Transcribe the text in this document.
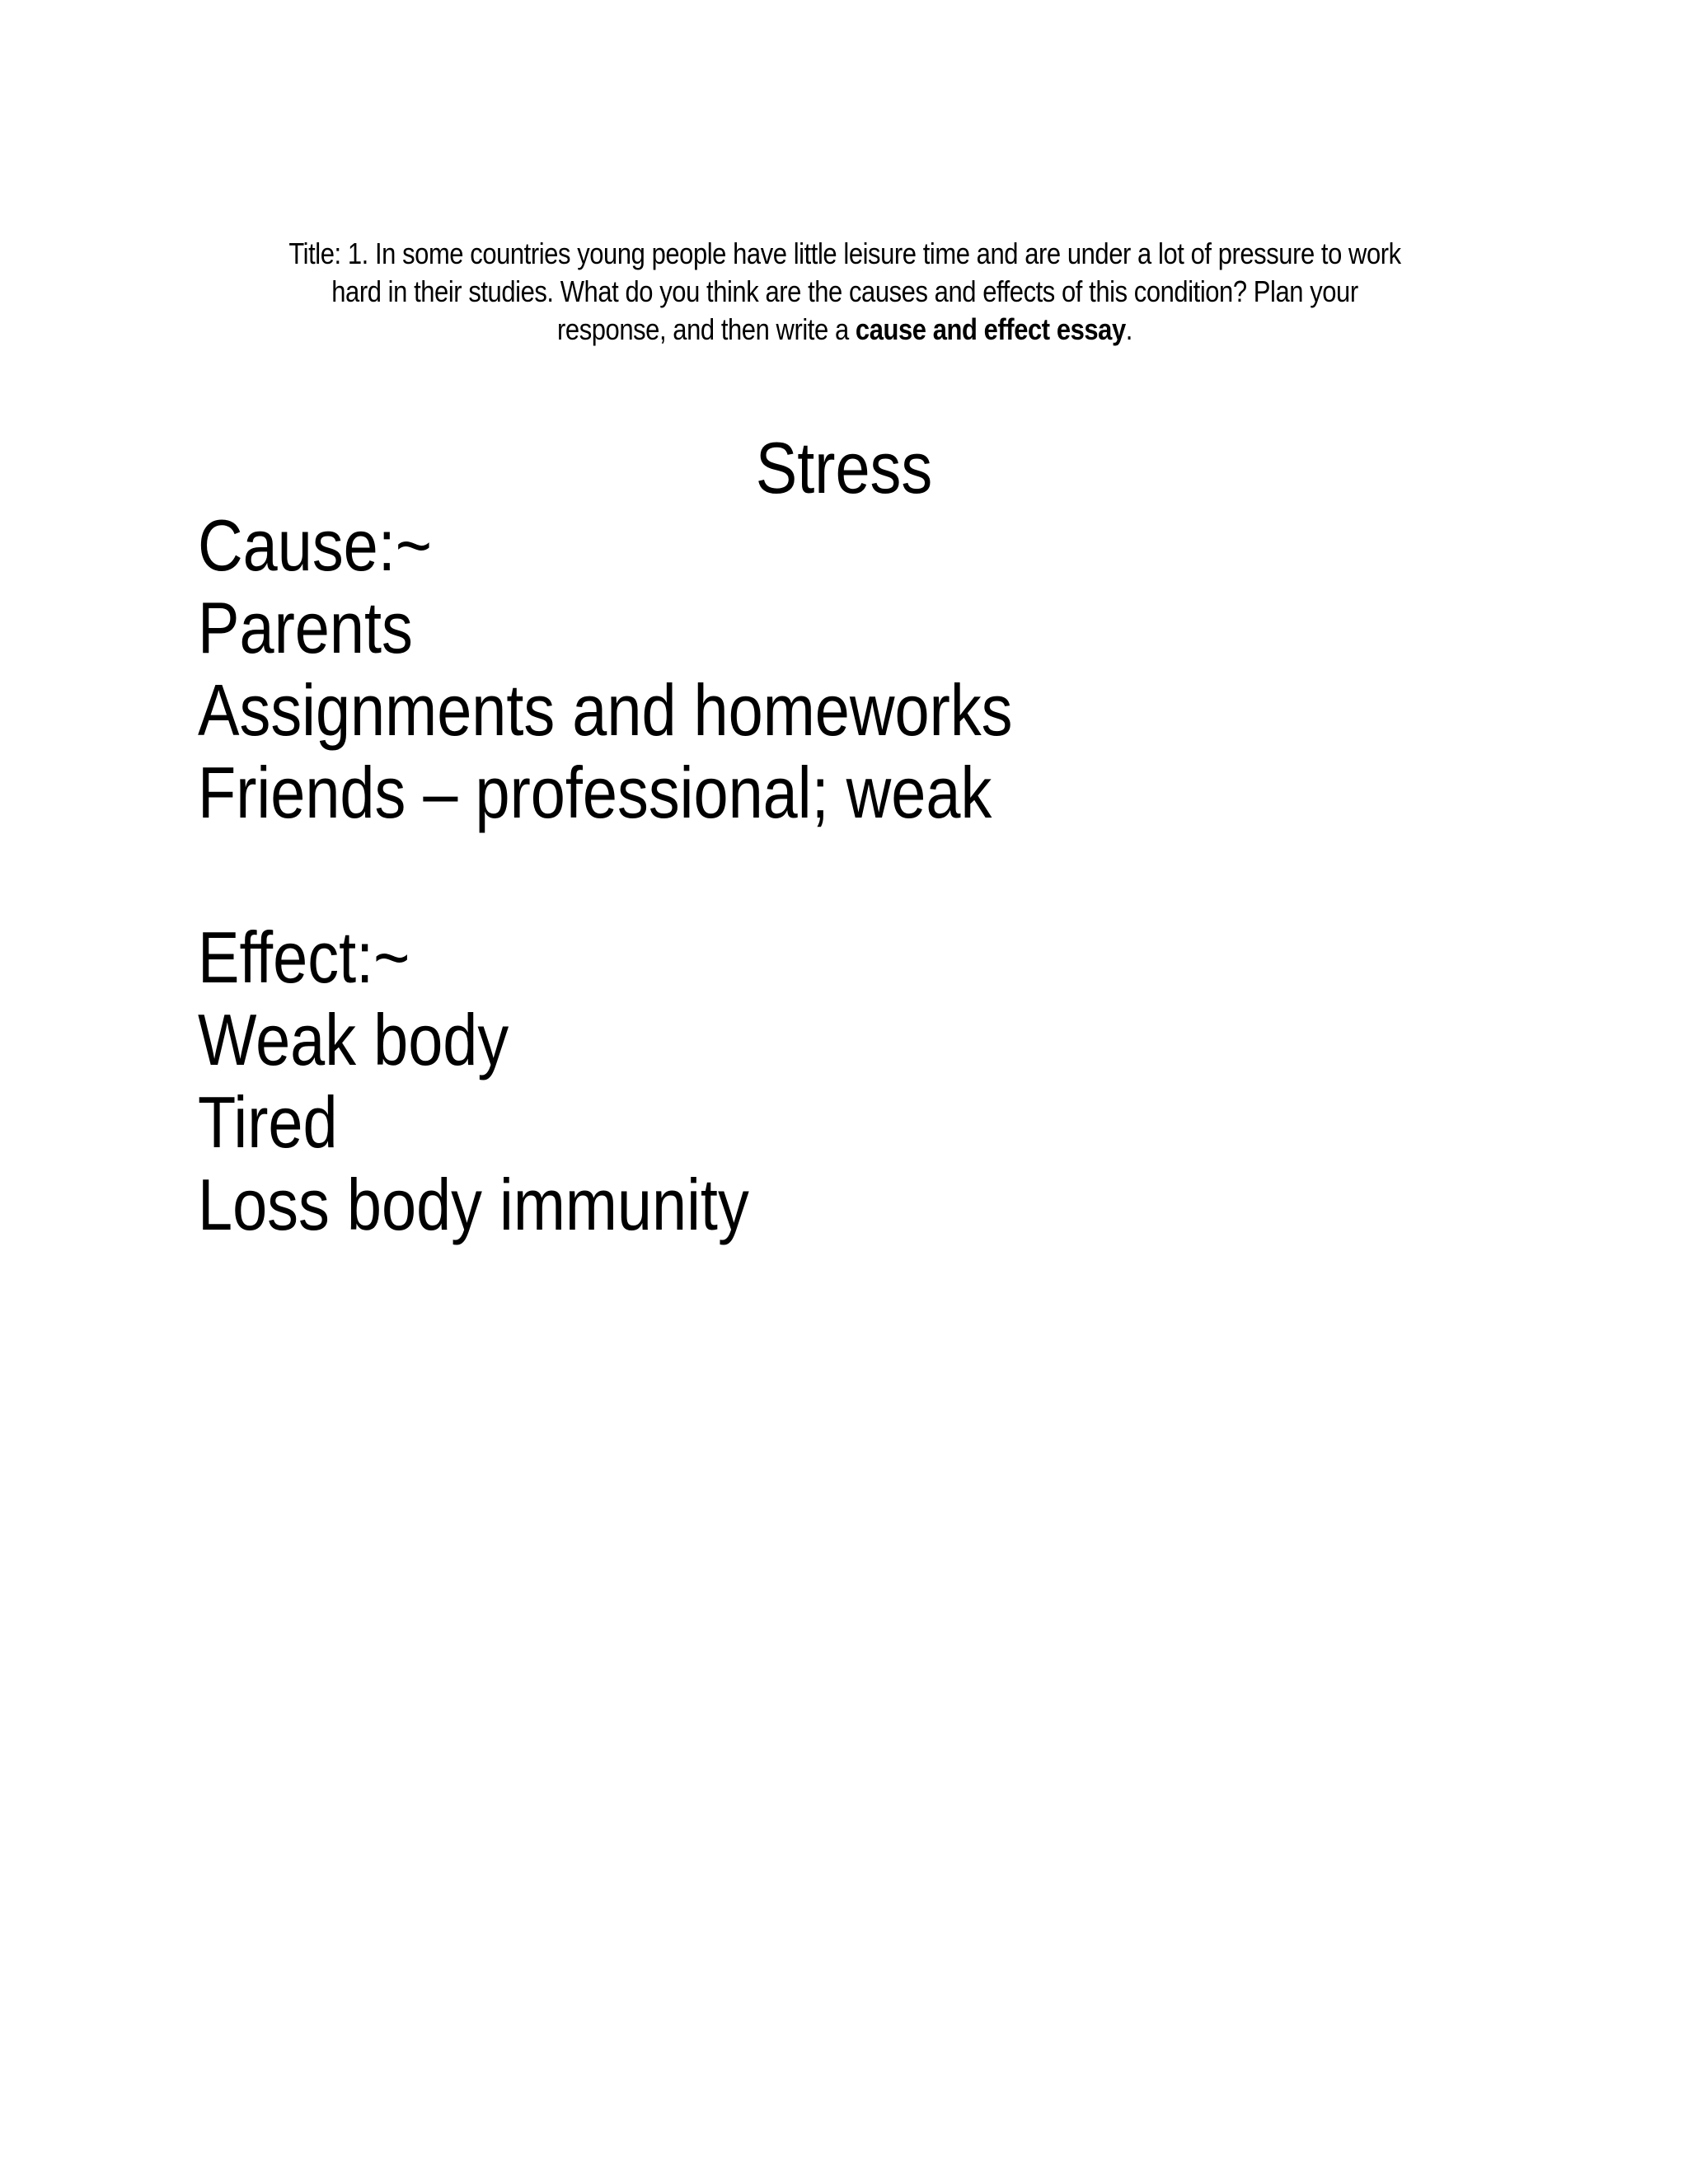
Title: 1. In some countries young people have little leisure time and are under a lot of pressure to work hard in their studies. What do you think are the causes and effects of this condition? Plan your response, and then write a cause and effect essay.

Stress
Cause:~
Parents
Assignments and homeworks
Friends – professional; weak
Effect:~
Weak body
Tired
Loss body immunity
